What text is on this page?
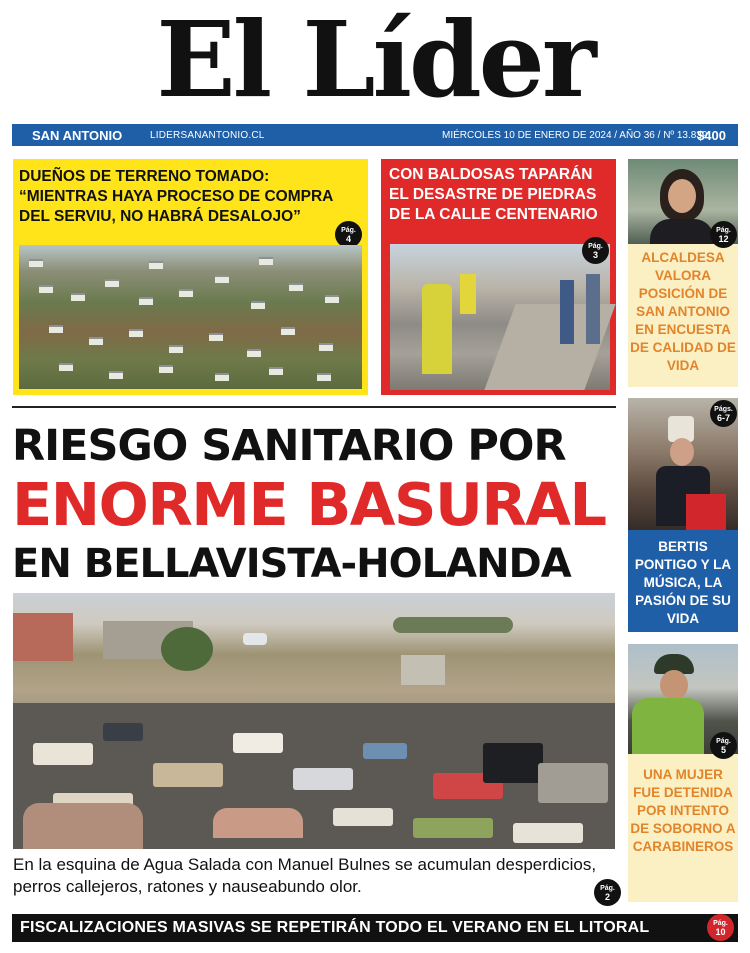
El Líder
SAN ANTONIO	LIDERSANANTONIO.CL	MIÉRCOLES 10 DE ENERO DE 2024 / AÑO 36 / Nº 13.839
$400
DUEÑOS DE TERRENO TOMADO: “MIENTRAS HAYA PROCESO DE COMPRA DEL SERVIU, NO HABRÁ DESALOJO”
Pág.
4
CON BALDOSAS TAPARÁN EL DESASTRE DE PIEDRAS DE LA CALLE CENTENARIO
Pág.
3
Pág.
12
ALCALDESA VALORA POSICIÓN DE SAN ANTONIO EN ENCUESTA DE CALIDAD DE VIDA
Págs.
6-7
BERTIS PONTIGO Y LA MÚSICA, LA PASIÓN DE SU VIDA
Pág.
5
UNA MUJER FUE DETENIDA POR INTENTO DE SOBORNO A CARABINEROS
RIESGO SANITARIO POR
ENORME BASURAL
EN BELLAVISTA-HOLANDA
Pág.
2
En la esquina de Agua Salada con Manuel Bulnes se acumulan desperdicios, perros callejeros, ratones y nauseabundo olor.
FISCALIZACIONES MASIVAS SE REPETIRÁN TODO EL VERANO EN EL LITORAL	Pág.
10
